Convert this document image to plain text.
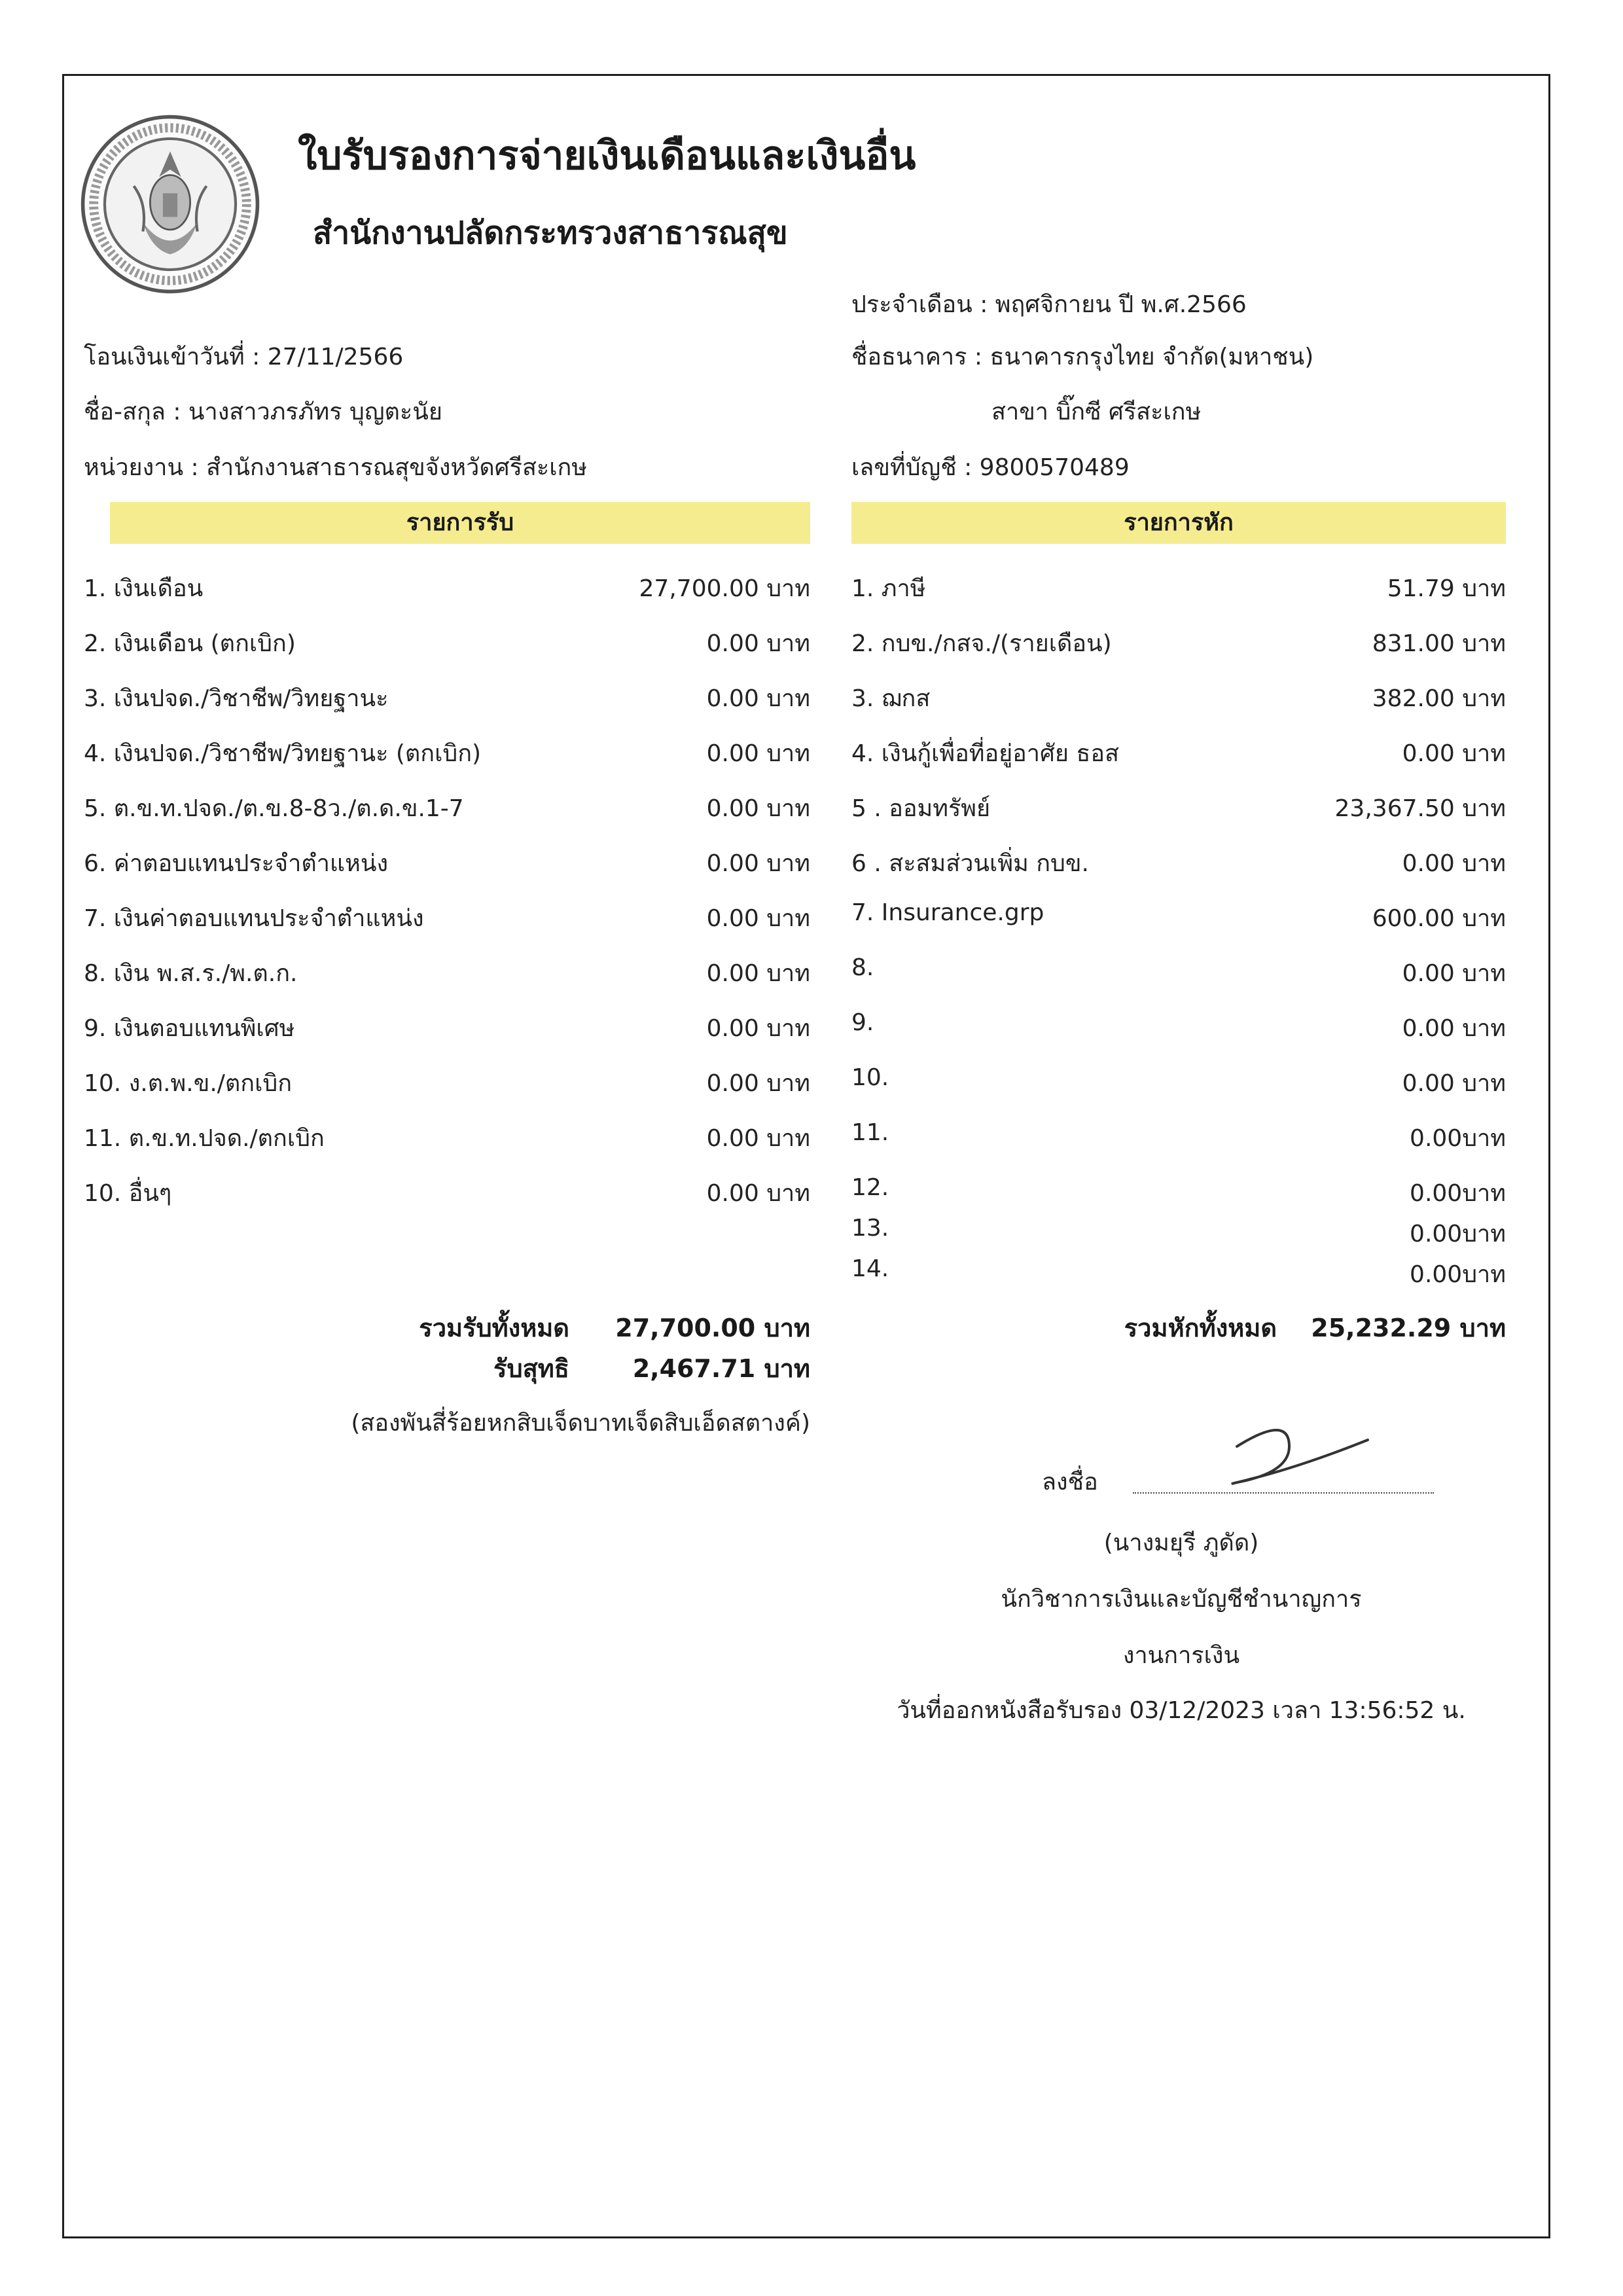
ใบรับรองการจ่ายเงินเดือนและเงินอื่น
สำนักงานปลัดกระทรวงสาธารณสุข
โอนเงินเข้าวันที่ : 27/11/2566
ชื่อ-สกุล : นางสาวภรภัทร บุญตะนัย
หน่วยงาน : สำนักงานสาธารณสุขจังหวัดศรีสะเกษ
ประจำเดือน : พฤศจิกายน ปี พ.ศ.2566
ชื่อธนาคาร : ธนาคารกรุงไทย จำกัด(มหาชน)
สาขา บิ๊กซี ศรีสะเกษ
เลขที่บัญชี : 9800570489
รายการรับ	รายการหัก
1. เงินเดือน	27,700.00 บาท
2. เงินเดือน (ตกเบิก)	0.00 บาท
3. เงินปจด./วิชาชีพ/วิทยฐานะ	0.00 บาท
4. เงินปจด./วิชาชีพ/วิทยฐานะ (ตกเบิก)	0.00 บาท
5. ต.ข.ท.ปจด./ต.ข.8-8ว./ต.ด.ข.1-7	0.00 บาท
6. ค่าตอบแทนประจำตำแหน่ง	0.00 บาท
7. เงินค่าตอบแทนประจำตำแหน่ง	0.00 บาท
8. เงิน พ.ส.ร./พ.ต.ก.	0.00 บาท
9. เงินตอบแทนพิเศษ	0.00 บาท
10. ง.ต.พ.ข./ตกเบิก	0.00 บาท
11. ต.ข.ท.ปจด./ตกเบิก	0.00 บาท
10. อื่นๆ	0.00 บาท
1. ภาษี	51.79 บาท
2. กบข./กสจ./(รายเดือน)	831.00 บาท
3. ฌกส	382.00 บาท
4. เงินกู้เพื่อที่อยู่อาศัย ธอส	0.00 บาท
5 . ออมทรัพย์	23,367.50 บาท
6 . สะสมส่วนเพิ่ม กบข.	0.00 บาท
7. Insurance.grp	600.00 บาท
8.	0.00 บาท
9.	0.00 บาท
10.	0.00 บาท
11.	0.00บาท
12.	0.00บาท
13.	0.00บาท
14.	0.00บาท
รวมรับทั้งหมด	27,700.00 บาท
รับสุทธิ	2,467.71 บาท
(สองพันสี่ร้อยหกสิบเจ็ดบาทเจ็ดสิบเอ็ดสตางค์)
รวมหักทั้งหมด	25,232.29 บาท
ลงชื่อ
(นางมยุรี ภูดัด)
นักวิชาการเงินและบัญชีชำนาญการ
งานการเงิน
วันที่ออกหนังสือรับรอง 03/12/2023 เวลา 13:56:52 น.
